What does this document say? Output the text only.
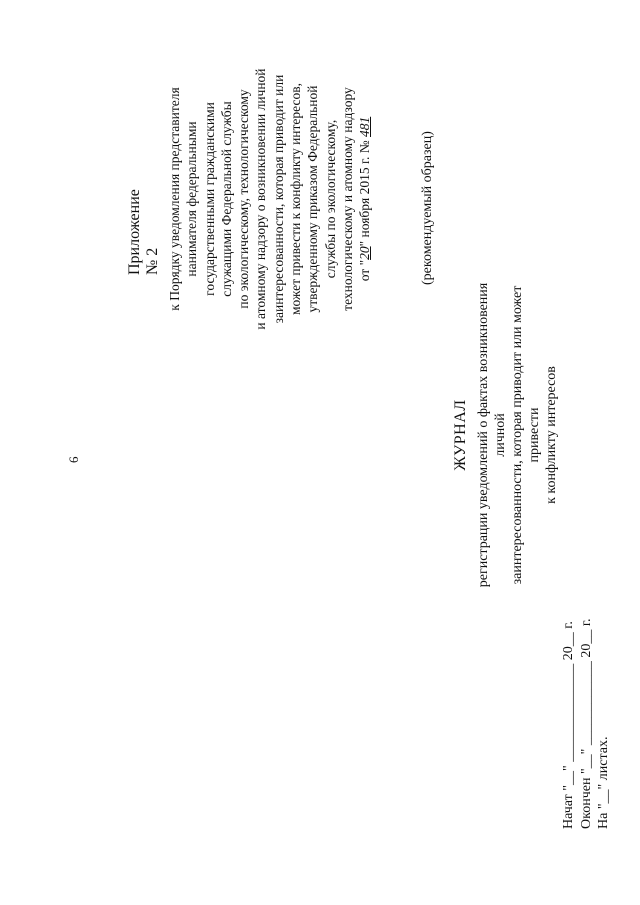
6
Приложение № 2 к Порядку уведомления представителя нанимателя федеральными государственными гражданскими служащими Федеральной службы по экологическому, технологическому и атомному надзору о возникновении личной заинтересованности, которая приводит или может привести к конфликту интересов, утвержденному приказом Федеральной службы по экологическому, технологическому и атомному надзору от "20" ноября 2015 г. № 481
(рекомендуемый образец)
ЖУРНАЛ регистрации уведомлений о фактах возникновения личной заинтересованности, которая приводит или может привести к конфликту интересов
Начат "__" ______________ 20__ г. Окончен "__" ____________ 20__ г. На "__" листах.
